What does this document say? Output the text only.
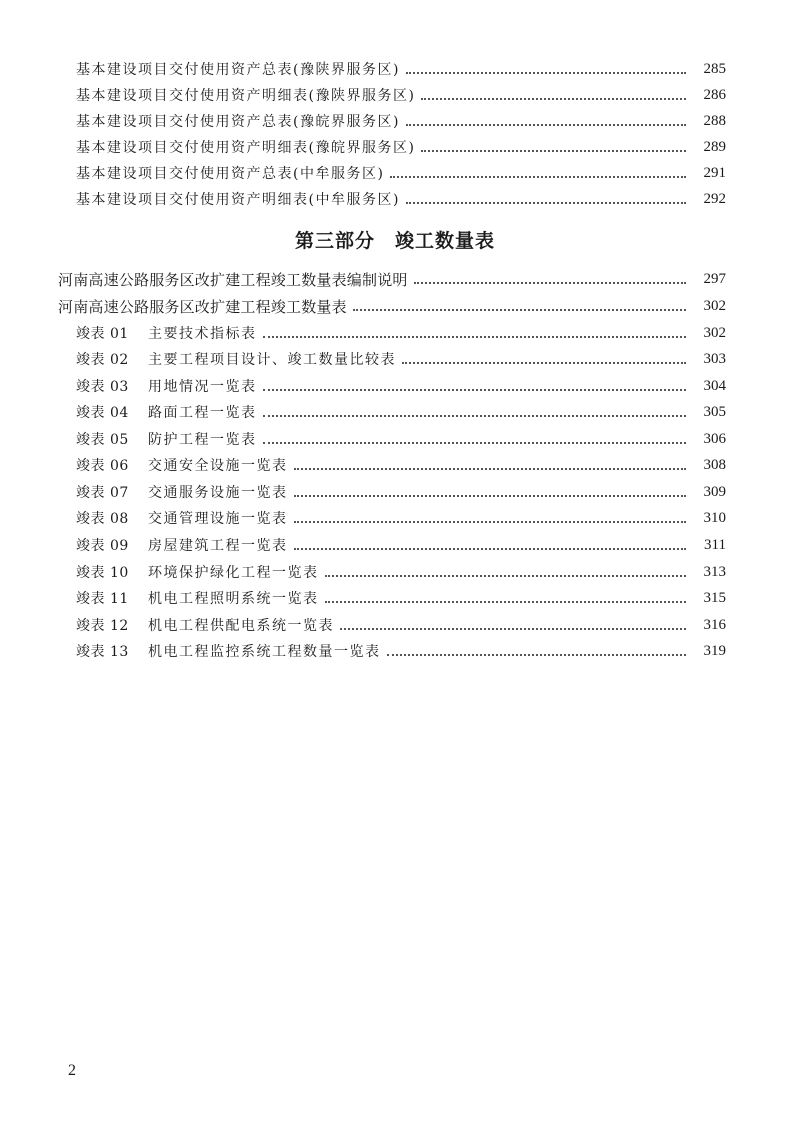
基本建设项目交付使用资产总表(豫陕界服务区)	285
基本建设项目交付使用资产明细表(豫陕界服务区)	286
基本建设项目交付使用资产总表(豫皖界服务区)	288
基本建设项目交付使用资产明细表(豫皖界服务区)	289
基本建设项目交付使用资产总表(中牟服务区)	291
基本建设项目交付使用资产明细表(中牟服务区)	292
第三部分　竣工数量表
河南高速公路服务区改扩建工程竣工数量表编制说明	297
河南高速公路服务区改扩建工程竣工数量表	302
竣表 01	主要技术指标表	302
竣表 02	主要工程项目设计、竣工数量比较表	303
竣表 03	用地情况一览表	304
竣表 04	路面工程一览表	305
竣表 05	防护工程一览表	306
竣表 06	交通安全设施一览表	308
竣表 07	交通服务设施一览表	309
竣表 08	交通管理设施一览表	310
竣表 09	房屋建筑工程一览表	311
竣表 10	环境保护绿化工程一览表	313
竣表 11	机电工程照明系统一览表	315
竣表 12	机电工程供配电系统一览表	316
竣表 13	机电工程监控系统工程数量一览表	319
2
